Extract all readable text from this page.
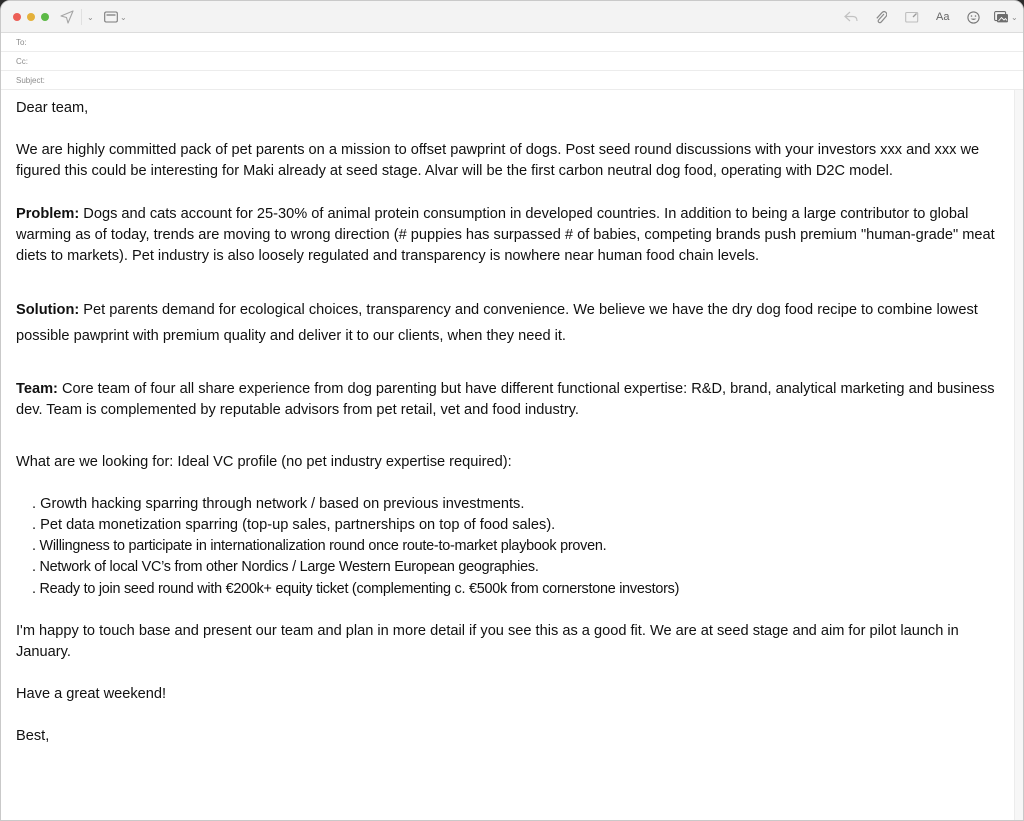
⌄	⌄	Aa	⌄
To:
Cc:
Subject:

Dear team,

We are highly committed pack of pet parents on a mission to offset pawprint of dogs. Post seed round discussions with your investors xxx and xxx we figured this could be interesting for Maki already at seed stage. Alvar will be the first carbon neutral dog food, operating with D2C model.

Problem: Dogs and cats account for 25-30% of animal protein consumption in developed countries. In addition to being a large contributor to global warming as of today, trends are moving to wrong direction (# puppies has surpassed # of babies, competing brands push premium "human-grade" meat diets to markets). Pet industry is also loosely regulated and transparency is nowhere near human food chain levels.

Solution: Pet parents demand for ecological choices, transparency and convenience. We believe we have the dry dog food recipe to combine lowest possible pawprint with premium quality and deliver it to our clients, when they need it.

Team: Core team of four all share experience from dog parenting but have different functional expertise: R&D, brand, analytical marketing and business dev. Team is complemented by reputable advisors from pet retail, vet and food industry.

What are we looking for: Ideal VC profile (no pet industry expertise required):

. Growth hacking sparring through network / based on previous investments.
. Pet data monetization sparring (top-up sales, partnerships on top of food sales).
. Willingness to participate in internationalization round once route-to-market playbook proven.
. Network of local VC’s from other Nordics / Large Western European geographies.
. Ready to join seed round with €200k+ equity ticket (complementing c. €500k from cornerstone investors)

I'm happy to touch base and present our team and plan in more detail if you see this as a good fit. We are at seed stage and aim for pilot launch in January.

Have a great weekend!

Best,
